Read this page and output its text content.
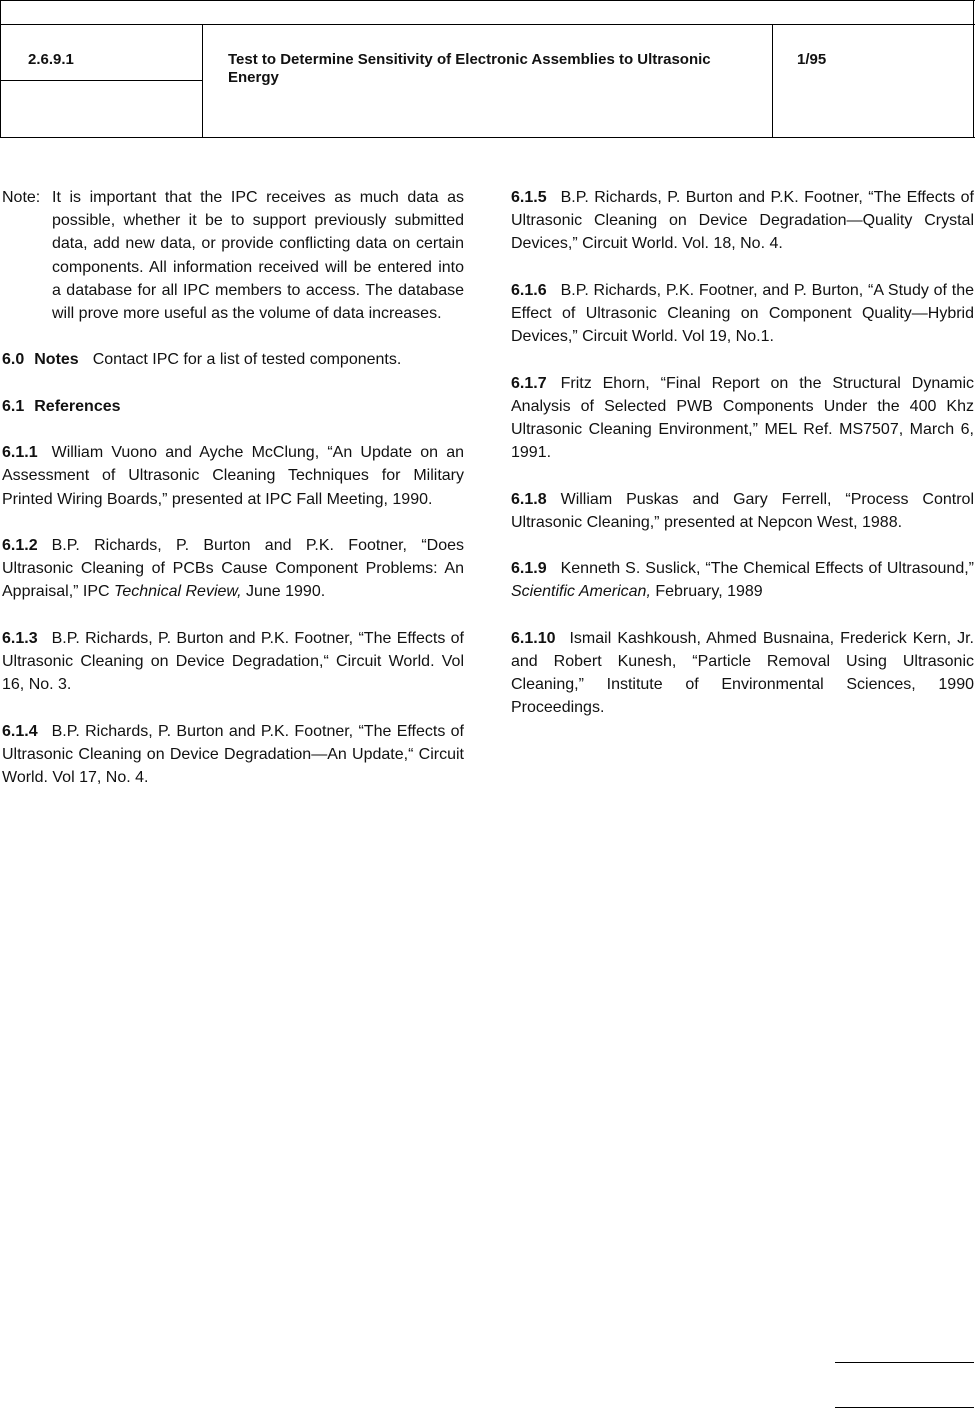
2.6.9.1	Test to Determine Sensitivity of Electronic Assemblies to Ultrasonic Energy
1/95
Note: It is important that the IPC receives as much data as possible, whether it be to support previously submitted data, add new data, or provide conflicting data on certain components. All information received will be entered into a database for all IPC members to access. The database will prove more useful as the volume of data increases.

6.0 Notes Contact IPC for a list of tested components.

6.1 References

6.1.1 William Vuono and Ayche McClung, “An Update on an Assessment of Ultrasonic Cleaning Techniques for Military Printed Wiring Boards,” presented at IPC Fall Meeting, 1990.

6.1.2 B.P. Richards, P. Burton and P.K. Footner, “Does Ultrasonic Cleaning of PCBs Cause Component Problems: An Appraisal,” IPC Technical Review, June 1990.

6.1.3 B.P. Richards, P. Burton and P.K. Footner, “The Effects of Ultrasonic Cleaning on Device Degradation,“ Circuit World. Vol 16, No. 3.

6.1.4 B.P. Richards, P. Burton and P.K. Footner, “The Effects of Ultrasonic Cleaning on Device Degradation—An Update,“ Circuit World. Vol 17, No. 4.

6.1.5 B.P. Richards, P. Burton and P.K. Footner, “The Effects of Ultrasonic Cleaning on Device Degradation—Quality Crystal Devices,” Circuit World. Vol. 18, No. 4.

6.1.6 B.P. Richards, P.K. Footner, and P. Burton, “A Study of the Effect of Ultrasonic Cleaning on Component Quality—Hybrid Devices,” Circuit World. Vol 19, No.1.

6.1.7 Fritz Ehorn, “Final Report on the Structural Dynamic Analysis of Selected PWB Components Under the 400 Khz Ultrasonic Cleaning Environment,” MEL Ref. MS7507, March 6, 1991.

6.1.8 William Puskas and Gary Ferrell, “Process Control Ultrasonic Cleaning,” presented at Nepcon West, 1988.

6.1.9 Kenneth S. Suslick, “The Chemical Effects of Ultrasound,” Scientific American, February, 1989

6.1.10 Ismail Kashkoush, Ahmed Busnaina, Frederick Kern, Jr. and Robert Kunesh, “Particle Removal Using Ultrasonic Cleaning,” Institute of Environmental Sciences, 1990 Proceedings.
